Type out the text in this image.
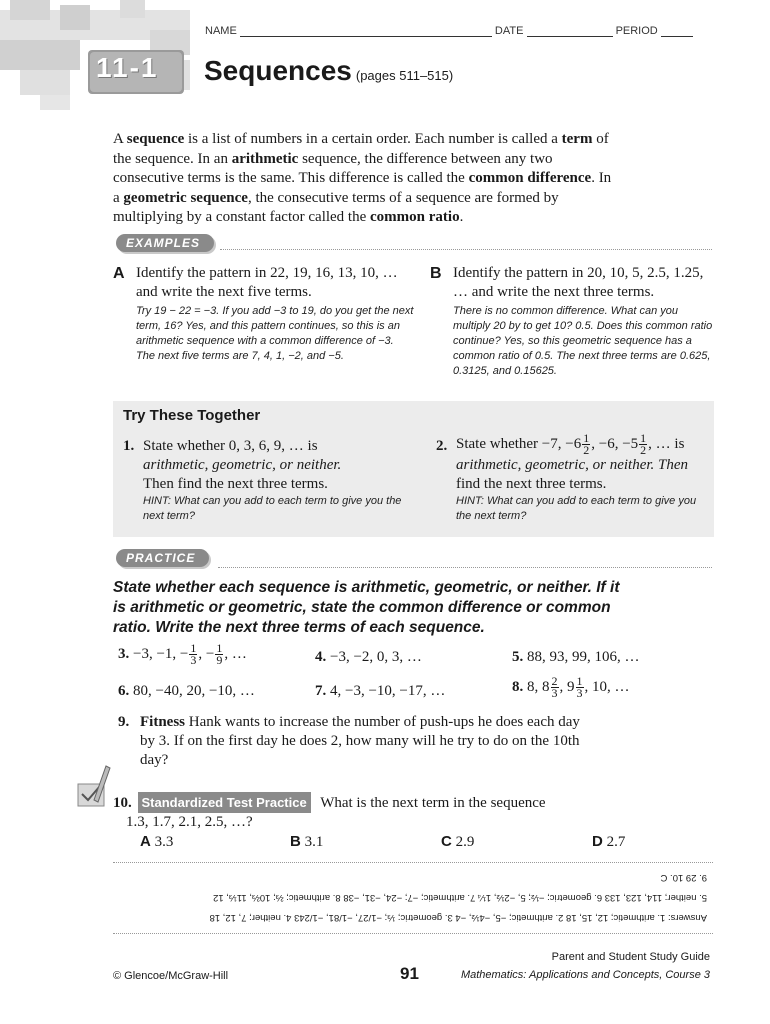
11-1
NAME	DATE	PERIOD
Sequences (pages 511–515)
A sequence is a list of numbers in a certain order. Each number is called a term of the sequence. In an arithmetic sequence, the difference between any two consecutive terms is the same. This difference is called the common difference. In a geometric sequence, the consecutive terms of a sequence are formed by multiplying by a constant factor called the common ratio.
EXAMPLES
A Identify the pattern in 22, 19, 16, 13, 10, … and write the next five terms.
Try 19 − 22 = −3. If you add −3 to 19, do you get the next term, 16? Yes, and this pattern continues, so this is an arithmetic sequence with a common difference of −3. The next five terms are 7, 4, 1, −2, and −5.
B Identify the pattern in 20, 10, 5, 2.5, 1.25, … and write the next three terms.
There is no common difference. What can you multiply 20 by to get 10? 0.5. Does this common ratio continue? Yes, so this geometric sequence has a common ratio of 0.5. The next three terms are 0.625, 0.3125, and 0.15625.
Try These Together
1. State whether 0, 3, 6, 9, … is
arithmetic, geometric, or neither.
Then find the next three terms.
HINT: What can you add to each term to give you the next term?
2. State whether −7, $-6 \frac{1}{2}$ , −6, $-5 \frac{1}{2}$ , … is
arithmetic, geometric, or neither. Then
find the next three terms.
HINT: What can you add to each term to give you the next term?
PRACTICE
State whether each sequence is arithmetic, geometric, or neither. If it is arithmetic or geometric, state the common difference or common ratio. Write the next three terms of each sequence.
3. −3, −1, − $\frac{1}{3}$ , − $\frac{1}{9}$ , …	4. −3, −2, 0, 3, …	5. 88, 93, 99, 106, …
6. 80, −40, 20, −10, …	7. 4, −3, −10, −17, …	8. 8, $8 \frac{2}{3}$ , $9 \frac{1}{3}$ , 10, …
9. Fitness Hank wants to increase the number of push-ups he does each day by 3. If on the first day he does 2, how many will he try to do on the 10th day?
10. Standardized Test Practice What is the next term in the sequence
1.3, 1.7, 2.1, 2.5, …?
A 3.3	B 3.1	C 2.9	D 2.7
Answers: 1. arithmetic; 12, 15, 18 2. arithmetic; −5, −4½, −4 3. geometric; ⅓; −1/27, −1/81, −1/243 4. neither; 7, 12, 18
5. neither; 114, 123, 133 6. geometric; −½; 5, −2½, 1¼ 7. arithmetic; −7; −24, −31, −38 8. arithmetic; ⅔; 10⅔, 11⅓, 12
9. 29 10. C
© Glencoe/McGraw-Hill	91
Parent and Student Study Guide
Mathematics: Applications and Concepts, Course 3
